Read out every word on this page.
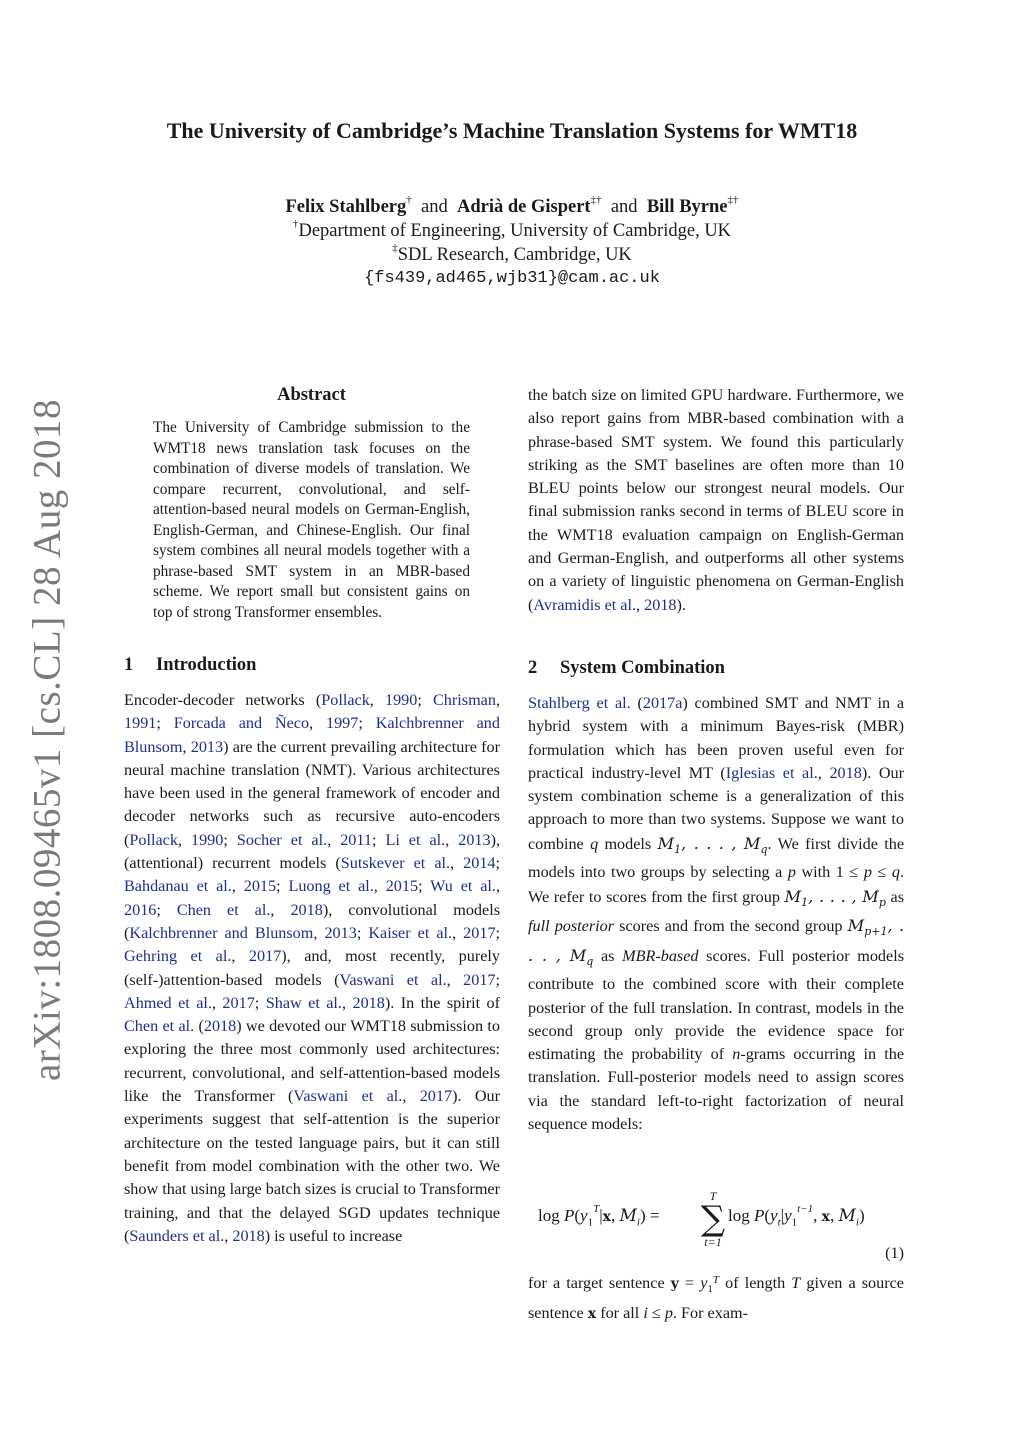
arXiv:1808.09465v1 [cs.CL] 28 Aug 2018
The University of Cambridge’s Machine Translation Systems for WMT18
Felix Stahlberg† and Adrià de Gispert‡† and Bill Byrne‡†
†Department of Engineering, University of Cambridge, UK
‡SDL Research, Cambridge, UK
{fs439,ad465,wjb31}@cam.ac.uk
Abstract
The University of Cambridge submission to the WMT18 news translation task focuses on the combination of diverse models of translation. We compare recurrent, convolutional, and self-attention-based neural models on German-English, English-German, and Chinese-English. Our final system combines all neural models together with a phrase-based SMT system in an MBR-based scheme. We report small but consistent gains on top of strong Transformer ensembles.
1 Introduction
Encoder-decoder networks (Pollack, 1990; Chrisman, 1991; Forcada and Ñeco, 1997; Kalchbrenner and Blunsom, 2013) are the current prevailing architecture for neural machine translation (NMT). Various architectures have been used in the general framework of encoder and decoder networks such as recursive auto-encoders (Pollack, 1990; Socher et al., 2011; Li et al., 2013), (attentional) recurrent models (Sutskever et al., 2014; Bahdanau et al., 2015; Luong et al., 2015; Wu et al., 2016; Chen et al., 2018), convolutional models (Kalchbrenner and Blunsom, 2013; Kaiser et al., 2017; Gehring et al., 2017), and, most recently, purely (self-)attention-based models (Vaswani et al., 2017; Ahmed et al., 2017; Shaw et al., 2018). In the spirit of Chen et al. (2018) we devoted our WMT18 submission to exploring the three most commonly used architectures: recurrent, convolutional, and self-attention-based models like the Transformer (Vaswani et al., 2017). Our experiments suggest that self-attention is the superior architecture on the tested language pairs, but it can still benefit from model combination with the other two. We show that using large batch sizes is crucial to Transformer training, and that the delayed SGD updates technique (Saunders et al., 2018) is useful to increase
the batch size on limited GPU hardware. Furthermore, we also report gains from MBR-based combination with a phrase-based SMT system. We found this particularly striking as the SMT baselines are often more than 10 BLEU points below our strongest neural models. Our final submission ranks second in terms of BLEU score in the WMT18 evaluation campaign on English-German and German-English, and outperforms all other systems on a variety of linguistic phenomena on German-English (Avramidis et al., 2018).
2 System Combination
Stahlberg et al. (2017a) combined SMT and NMT in a hybrid system with a minimum Bayes-risk (MBR) formulation which has been proven useful even for practical industry-level MT (Iglesias et al., 2018). Our system combination scheme is a generalization of this approach to more than two systems. Suppose we want to combine q models $M_1$, . . . , $M_q$. We first divide the models into two groups by selecting a p with 1 ≤ p ≤ q. We refer to scores from the first group $M_1$, . . . , $M_p$ as full posterior scores and from the second group $M_{p+1}$, . . . , $M_q$ as MBR-based scores. Full posterior models contribute to the combined score with their complete posterior of the full translation. In contrast, models in the second group only provide the evidence space for estimating the probability of n-grams occurring in the translation. Full-posterior models need to assign scores via the standard left-to-right factorization of neural sequence models:
$\log P(y_1^T|x$, $M_i$) =
T
∑
t=1
$\log P(y_t|y_1^{t-1}$, x, $M_i$)
(1)
for a target sentence $y = y_1^T$ of length T given a source sentence x for all i ≤ p. For exam-
